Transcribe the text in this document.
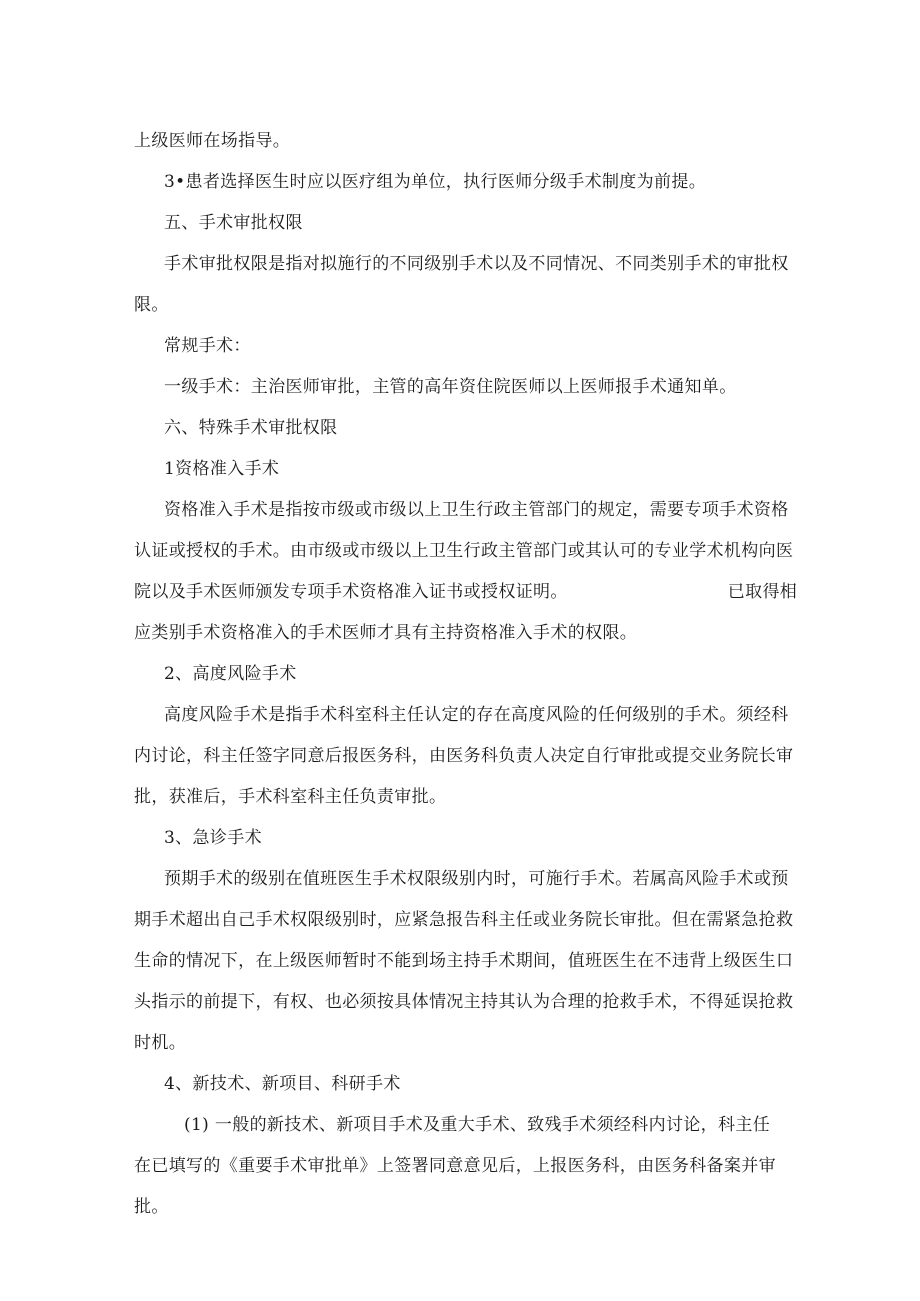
上级医师在场指导。
3•患者选择医生时应以医疗组为单位，执行医师分级手术制度为前提。
五、手术审批权限
手术审批权限是指对拟施行的不同级别手术以及不同情况、不同类别手术的审批权
限。
常规手术：
一级手术：主治医师审批，主管的高年资住院医师以上医师报手术通知单。
六、特殊手术审批权限
1资格准入手术
资格准入手术是指按市级或市级以上卫生行政主管部门的规定，需要专项手术资格
认证或授权的手术。由市级或市级以上卫生行政主管部门或其认可的专业学术机构向医
院以及手术医师颁发专项手术资格准入证书或授权证明。	已取得相
应类别手术资格准入的手术医师才具有主持资格准入手术的权限。
2、高度风险手术
高度风险手术是指手术科室科主任认定的存在高度风险的任何级别的手术。须经科
内讨论，科主任签字同意后报医务科，由医务科负责人决定自行审批或提交业务院长审
批，获准后，手术科室科主任负责审批。
3、急诊手术
预期手术的级别在值班医生手术权限级别内时，可施行手术。若属高风险手术或预
期手术超出自己手术权限级别时，应紧急报告科主任或业务院长审批。但在需紧急抢救
生命的情况下，在上级医师暂时不能到场主持手术期间，值班医生在不违背上级医生口
头指示的前提下，有权、也必须按具体情况主持其认为合理的抢救手术，不得延误抢救
时机。
4、新技术、新项目、科研手术
(1) 一般的新技术、新项目手术及重大手术、致残手术须经科内讨论，科主任
在已填写的《重要手术审批单》上签署同意意见后，上报医务科，由医务科备案并审
批。
